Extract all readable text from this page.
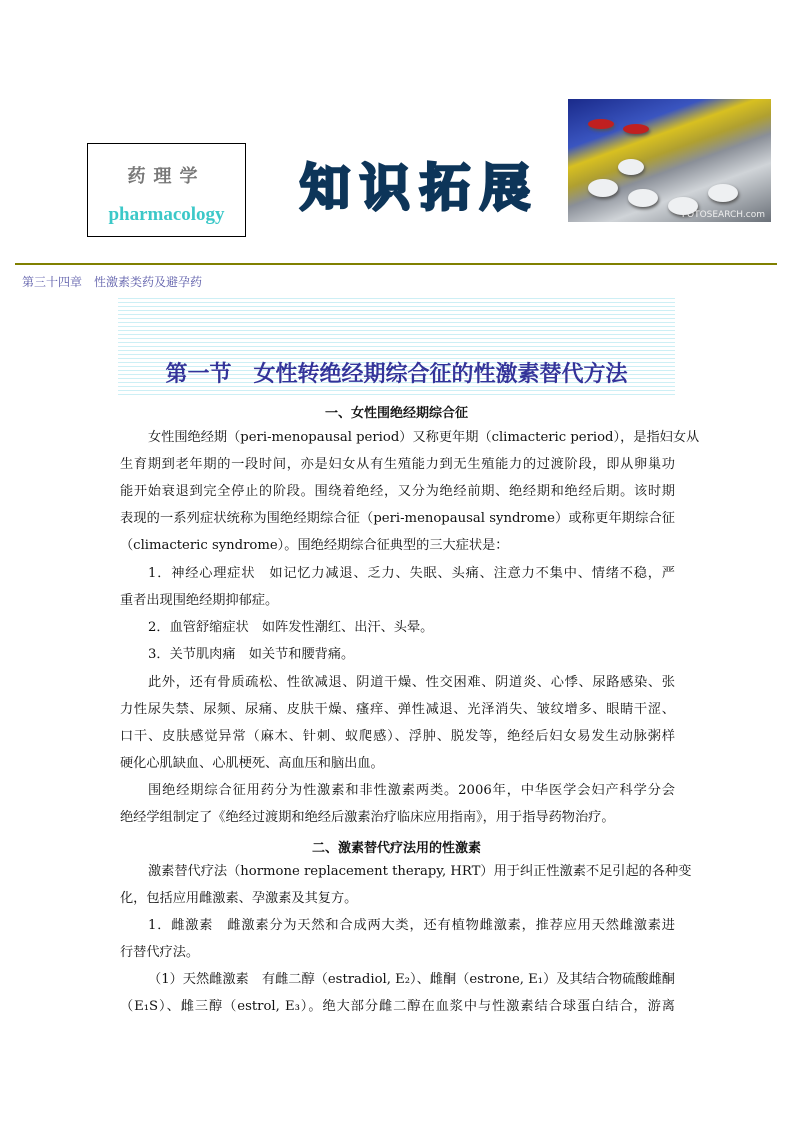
药理学
pharmacology	知识拓展	FOTOSEARCH.com
第三十四章　性激素类药及避孕药
第一节　女性转绝经期综合征的性激素替代方法
一、女性围绝经期综合征
二、激素替代疗法用的性激素
女性围绝经期（peri-menopausal period）又称更年期（climacteric period），是指妇女从
生育期到老年期的一段时间，亦是妇女从有生殖能力到无生殖能力的过渡阶段，即从卵巢功
能开始衰退到完全停止的阶段。围绕着绝经，又分为绝经前期、绝经期和绝经后期。该时期
表现的一系列症状统称为围绝经期综合征（peri-menopausal syndrome）或称更年期综合征
（climacteric syndrome）。围绝经期综合征典型的三大症状是：
1．神经心理症状　如记忆力减退、乏力、失眠、头痛、注意力不集中、情绪不稳，严
重者出现围绝经期抑郁症。
2．血管舒缩症状　如阵发性潮红、出汗、头晕。
3．关节肌肉痛　如关节和腰背痛。
此外，还有骨质疏松、性欲减退、阴道干燥、性交困难、阴道炎、心悸、尿路感染、张
力性尿失禁、尿频、尿痛、皮肤干燥、瘙痒、弹性减退、光泽消失、皱纹增多、眼睛干涩、
口干、皮肤感觉异常（麻木、针刺、蚁爬感）、浮肿、脱发等，绝经后妇女易发生动脉粥样
硬化心肌缺血、心肌梗死、高血压和脑出血。
围绝经期综合征用药分为性激素和非性激素两类。2006年，中华医学会妇产科学分会
绝经学组制定了《绝经过渡期和绝经后激素治疗临床应用指南》，用于指导药物治疗。
激素替代疗法（hormone replacement therapy, HRT）用于纠正性激素不足引起的各种变
化，包括应用雌激素、孕激素及其复方。
1．雌激素　雌激素分为天然和合成两大类，还有植物雌激素，推荐应用天然雌激素进
行替代疗法。
（1）天然雌激素　有雌二醇（estradiol, E₂）、雌酮（estrone, E₁）及其结合物硫酸雌酮
（E₁S）、雌三醇（estrol, E₃）。绝大部分雌二醇在血浆中与性激素结合球蛋白结合，游离
